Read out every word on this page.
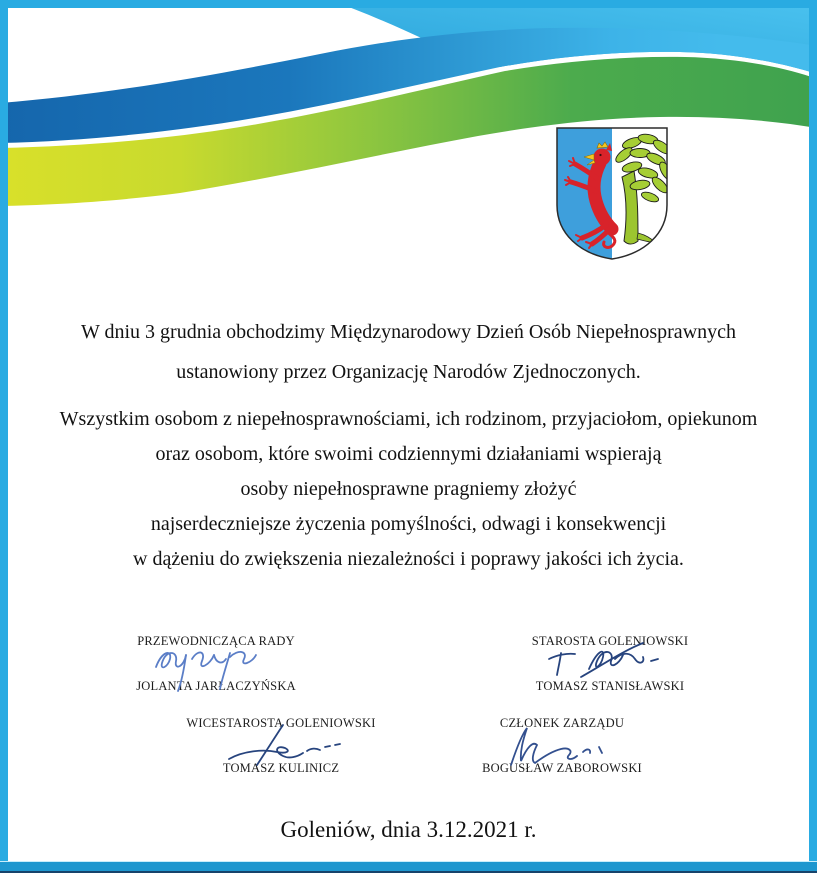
W dniu 3 grudnia obchodzimy Międzynarodowy Dzień Osób Niepełnosprawnych
ustanowiony przez Organizację Narodów Zjednoczonych.
Wszystkim osobom z niepełnosprawnościami, ich rodzinom, przyjaciołom, opiekunom
oraz osobom, które swoimi codziennymi działaniami wspierają
osoby niepełnosprawne pragniemy złożyć
najserdeczniejsze życzenia pomyślności, odwagi i konsekwencji
w dążeniu do zwiększenia niezależności i poprawy jakości ich życia.
PRZEWODNICZĄCA RADY
JOLANTA JARŁACZYŃSKA
STAROSTA GOLENIOWSKI
TOMASZ STANISŁAWSKI
WICESTAROSTA GOLENIOWSKI
TOMASZ KULINICZ
CZŁONEK ZARZĄDU
BOGUSŁAW ZABOROWSKI
Goleniów, dnia 3.12.2021 r.
